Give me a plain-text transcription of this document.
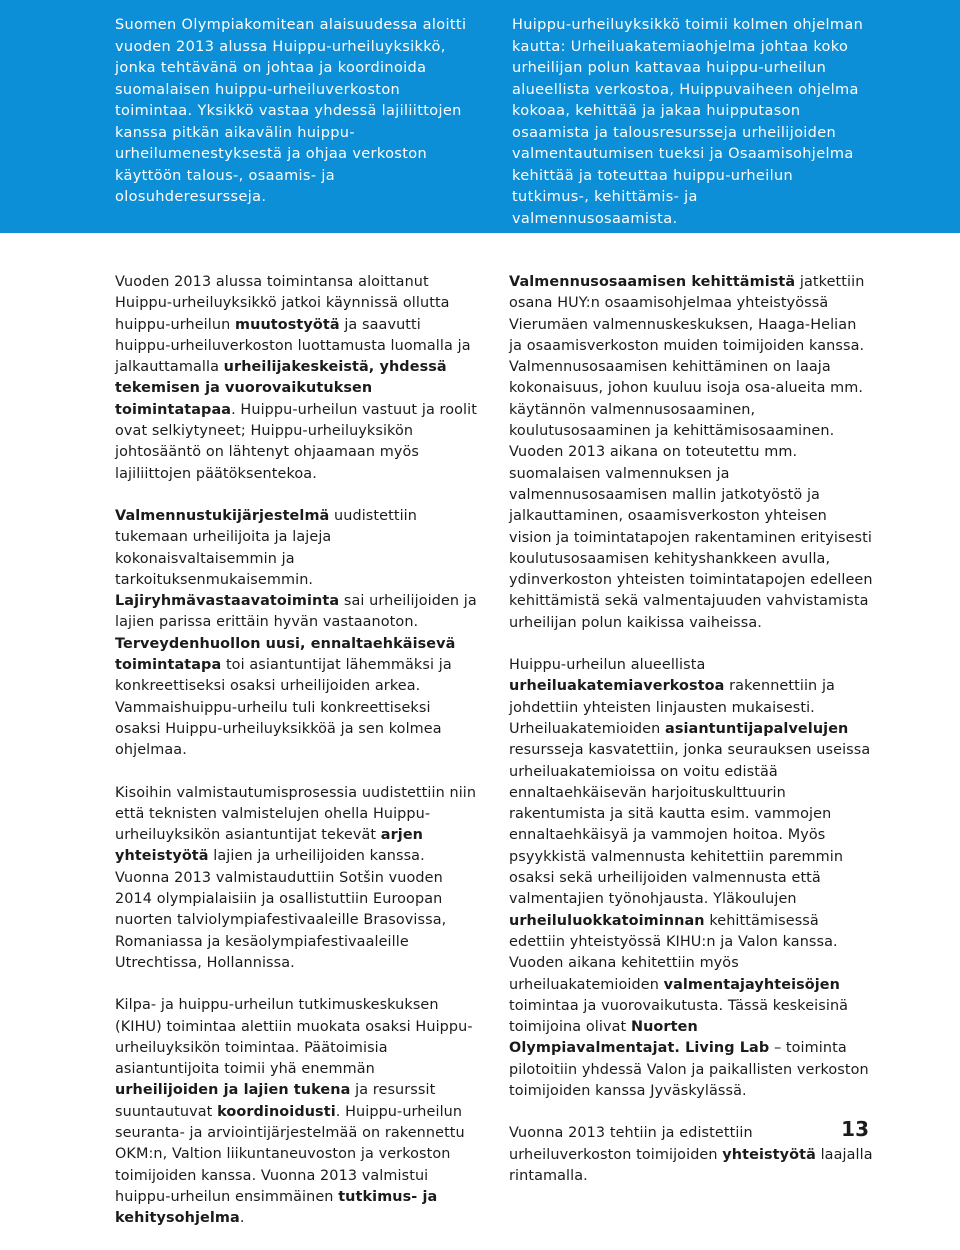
Suomen Olympiakomitean alaisuudessa aloitti vuoden 2013 alussa Huippu-urheiluyksikkö, jonka tehtävänä on johtaa ja koordinoida suomalaisen huippu-urheiluverkoston toimintaa. Yksikkö vastaa yhdessä lajiliittojen kanssa pitkän aikavälin huippu-urheilumenestyksestä ja ohjaa verkoston käyttöön talous-, osaamis- ja olosuhderesursseja.

Huippu-urheiluyksikkö toimii kolmen ohjelman kautta: Urheiluakatemiaohjelma johtaa koko urheilijan polun kattavaa huippu-urheilun alueellista verkostoa, Huippuvaiheen ohjelma kokoaa, kehittää ja jakaa huipputason osaamista ja talousresursseja urheilijoiden valmentautumisen tueksi ja Osaamisohjelma kehittää ja toteuttaa huippu-urheilun tutkimus-, kehittämis- ja valmennusosaamista.

Vuoden 2013 alussa toimintansa aloittanut Huippu-urheiluyksikkö jatkoi käynnissä ollutta huippu-urheilun muutostyötä ja saavutti huippu-urheiluverkoston luottamusta luomalla ja jalkauttamalla urheilijakeskeistä, yhdessä tekemisen ja vuorovaikutuksen toimintatapaa. Huippu-urheilun vastuut ja roolit ovat selkiytyneet; Huippu-urheiluyksikön johtosääntö on lähtenyt ohjaamaan myös lajiliittojen päätöksentekoa.

Valmennustukijärjestelmä uudistettiin tukemaan urheilijoita ja lajeja kokonaisvaltaisemmin ja tarkoituksenmukaisemmin. Lajiryhmävastaavatoiminta sai urheilijoiden ja lajien parissa erittäin hyvän vastaanoton. Terveydenhuollon uusi, ennaltaehkäisevä toimintatapa toi asiantuntijat lähemmäksi ja konkreettiseksi osaksi urheilijoiden arkea. Vammaishuippu-urheilu tuli konkreettiseksi osaksi Huippu-urheiluyksikköä ja sen kolmea ohjelmaa.

Kisoihin valmistautumisprosessia uudistettiin niin että teknisten valmistelujen ohella Huippu-urheiluyksikön asiantuntijat tekevät arjen yhteistyötä lajien ja urheilijoiden kanssa. Vuonna 2013 valmistauduttiin Sotšin vuoden 2014 olympialaisiin ja osallistuttiin Euroopan nuorten talviolympiafestivaaleille Brasovissa, Romaniassa ja kesäolympiafestivaaleille Utrechtissa, Hollannissa.

Kilpa- ja huippu-urheilun tutkimuskeskuksen (KIHU) toimintaa alettiin muokata osaksi Huippu-urheiluyksikön toimintaa. Päätoimisia asiantuntijoita toimii yhä enemmän urheilijoiden ja lajien tukena ja resurssit suuntautuvat koordinoidusti. Huippu-urheilun seuranta- ja arviointijärjestelmää on rakennettu OKM:n, Valtion liikuntaneuvoston ja verkoston toimijoiden kanssa. Vuonna 2013 valmistui huippu-urheilun ensimmäinen tutkimus- ja kehitysohjelma.

Valmennusosaamisen kehittämistä jatkettiin osana HUY:n osaamisohjelmaa yhteistyössä Vierumäen valmennuskeskuksen, Haaga-Helian ja osaamisverkoston muiden toimijoiden kanssa. Valmennusosaamisen kehittäminen on laaja kokonaisuus, johon kuuluu isoja osa-alueita mm. käytännön valmennusosaaminen, koulutusosaaminen ja kehittämisosaaminen. Vuoden 2013 aikana on toteutettu mm. suomalaisen valmennuksen ja valmennusosaamisen mallin jatkotyöstö ja jalkauttaminen, osaamisverkoston yhteisen vision ja toimintatapojen rakentaminen erityisesti koulutusosaamisen kehityshankkeen avulla, ydinverkoston yhteisten toimintatapojen edelleen kehittämistä sekä valmentajuuden vahvistamista urheilijan polun kaikissa vaiheissa.

Huippu-urheilun alueellista urheiluakatemiaverkostoa rakennettiin ja johdettiin yhteisten linjausten mukaisesti. Urheiluakatemioiden asiantuntijapalvelujen resursseja kasvatettiin, jonka seurauksen useissa urheiluakatemioissa on voitu edistää ennaltaehkäisevän harjoituskulttuurin rakentumista ja sitä kautta esim. vammojen ennaltaehkäisyä ja vammojen hoitoa. Myös psyykkistä valmennusta kehitettiin paremmin osaksi sekä urheilijoiden valmennusta että valmentajien työnohjausta. Yläkoulujen urheiluluokkatoiminnan kehittämisessä edettiin yhteistyössä KIHU:n ja Valon kanssa. Vuoden aikana kehitettiin myös urheiluakatemioiden valmentajayhteisöjen toimintaa ja vuorovaikutusta. Tässä keskeisinä toimijoina olivat Nuorten Olympiavalmentajat. Living Lab – toiminta pilotoitiin yhdessä Valon ja paikallisten verkoston toimijoiden kanssa Jyväskylässä.

Vuonna 2013 tehtiin ja edistettiin urheiluverkoston toimijoiden yhteistyötä laajalla rintamalla.

13
